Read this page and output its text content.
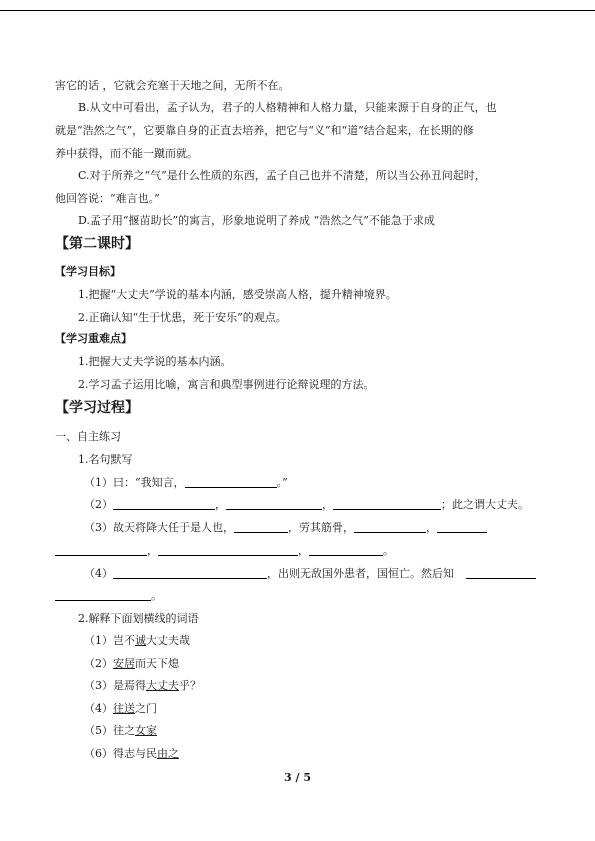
害它的话 ，它就会充塞于天地之间，无所不在。
B.从文中可看出，孟子认为，君子的人格精神和人格力量，只能来源于自身的正气，也
就是“浩然之气”，它要靠自身的正直去培养，把它与“义”和“道”结合起来，在长期的修
养中获得，而不能一蹴而就。
C.对于所养之“气”是什么性质的东西，孟子自己也并不清楚，所以当公孙丑问起时，
他回答说：“难言也。”
D.孟子用“揠苗助长”的寓言，形象地说明了养成 “浩然之气”不能急于求成
【第二课时】
【学习目标】
1.把握“大丈夫”学说的基本内涵，感受崇高人格，提升精神境界。
2.正确认知“生于忧患，死于安乐”的观点。
【学习重难点】
1.把握大丈夫学说的基本内涵。
2.学习孟子运用比喻，寓言和典型事例进行论辩说理的方法。
【学习过程】
一、自主练习
1.名句默写
（1）曰：“我知言，	。”
（2）	，	，	；此之谓大丈夫。
（3）故天将降大任于是人也，	，劳其筋骨，	，
，	，	。
（4）	，出则无敌国外患者，国恒亡。然后知
。
2.解释下面划横线的词语
（1）岂不诚大丈夫哉
（2）安居而天下熄
（3）是焉得大丈夫乎？
（4）往送之门
（5）往之女家
（6）得志与民由之
3 / 5
